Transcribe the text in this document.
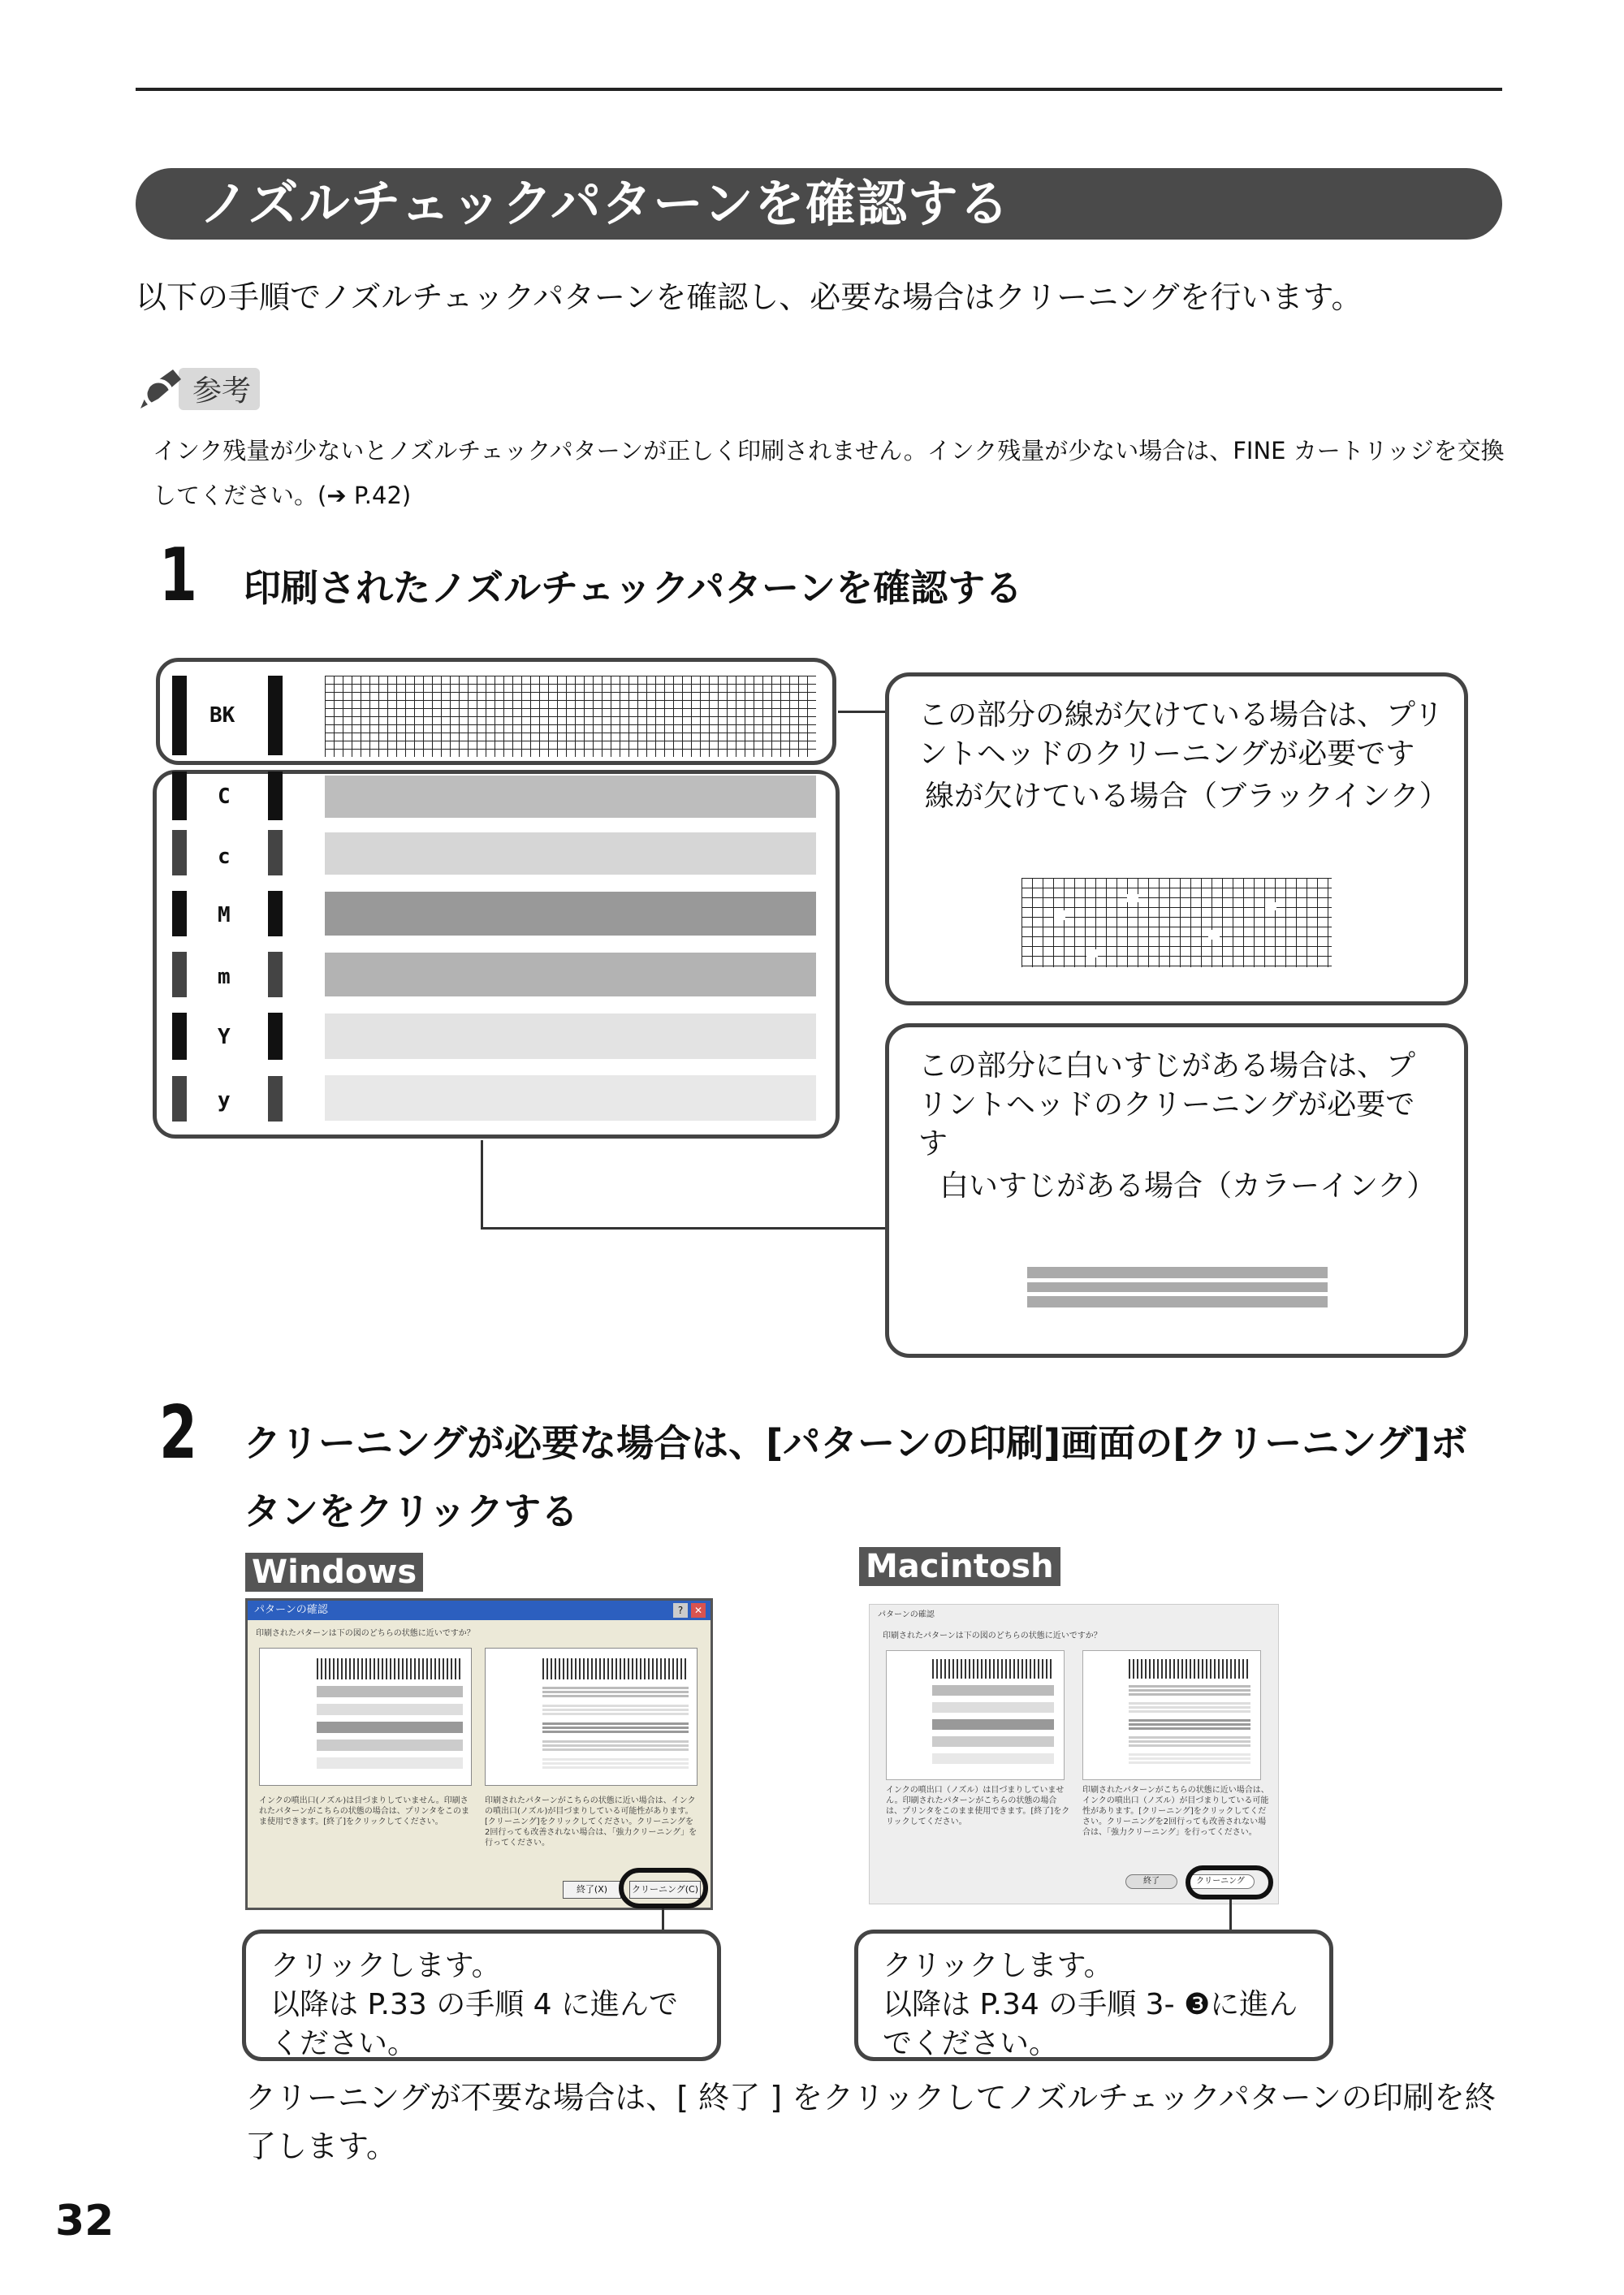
ノズルチェックパターンを確認する
以下の手順でノズルチェックパターンを確認し、必要な場合はクリーニングを行います。
参考
インク残量が少ないとノズルチェックパターンが正しく印刷されません。インク残量が少ない場合は、FINE カートリッジを交換してください。(➔ P.42)
1 印刷されたノズルチェックパターンを確認する
BK
C
c
M
m
Y
y
この部分の線が欠けている場合は、プリントヘッドのクリーニングが必要です
線が欠けている場合（ブラックインク）
この部分に白いすじがある場合は、プリントヘッドのクリーニングが必要です
白いすじがある場合（カラーインク）
2 クリーニングが必要な場合は、[パターンの印刷]画面の[クリーニング]ボ
タンをクリックする
Windows
パターンの確認	✕
?
印刷されたパターンは下の図のどちらの状態に近いですか？
インクの噴出口(ノズル)は目づまりしていません。印刷されたパターンがこちらの状態の場合は、プリンタをこのまま使用できます。[終了]をクリックしてください。
印刷されたパターンがこちらの状態に近い場合は、インクの噴出口(ノズル)が目づまりしている可能性があります。[クリーニング]をクリックしてください。クリーニングを2回行っても改善されない場合は、「強力クリーニング」を行ってください。
終了(X)	クリーニング(C)
クリックします。
以降は P.33 の手順 4 に進んで
ください。
Macintosh
パターンの確認
印刷されたパターンは下の図のどちらの状態に近いですか？
インクの噴出口（ノズル）は目づまりしていません。印刷されたパターンがこちらの状態の場合は、プリンタをこのまま使用できます。[終了]をクリックしてください。
印刷されたパターンがこちらの状態に近い場合は、インクの噴出口（ノズル）が目づまりしている可能性があります。[クリーニング]をクリックしてください。クリーニングを2回行っても改善されない場合は、「強力クリーニング」を行ってください。
終了	クリーニング
クリックします。
以降は P.34 の手順 3- ❸に進ん
でください。
クリーニングが不要な場合は、[ 終了 ] をクリックしてノズルチェックパターンの印刷を終了します。
32
